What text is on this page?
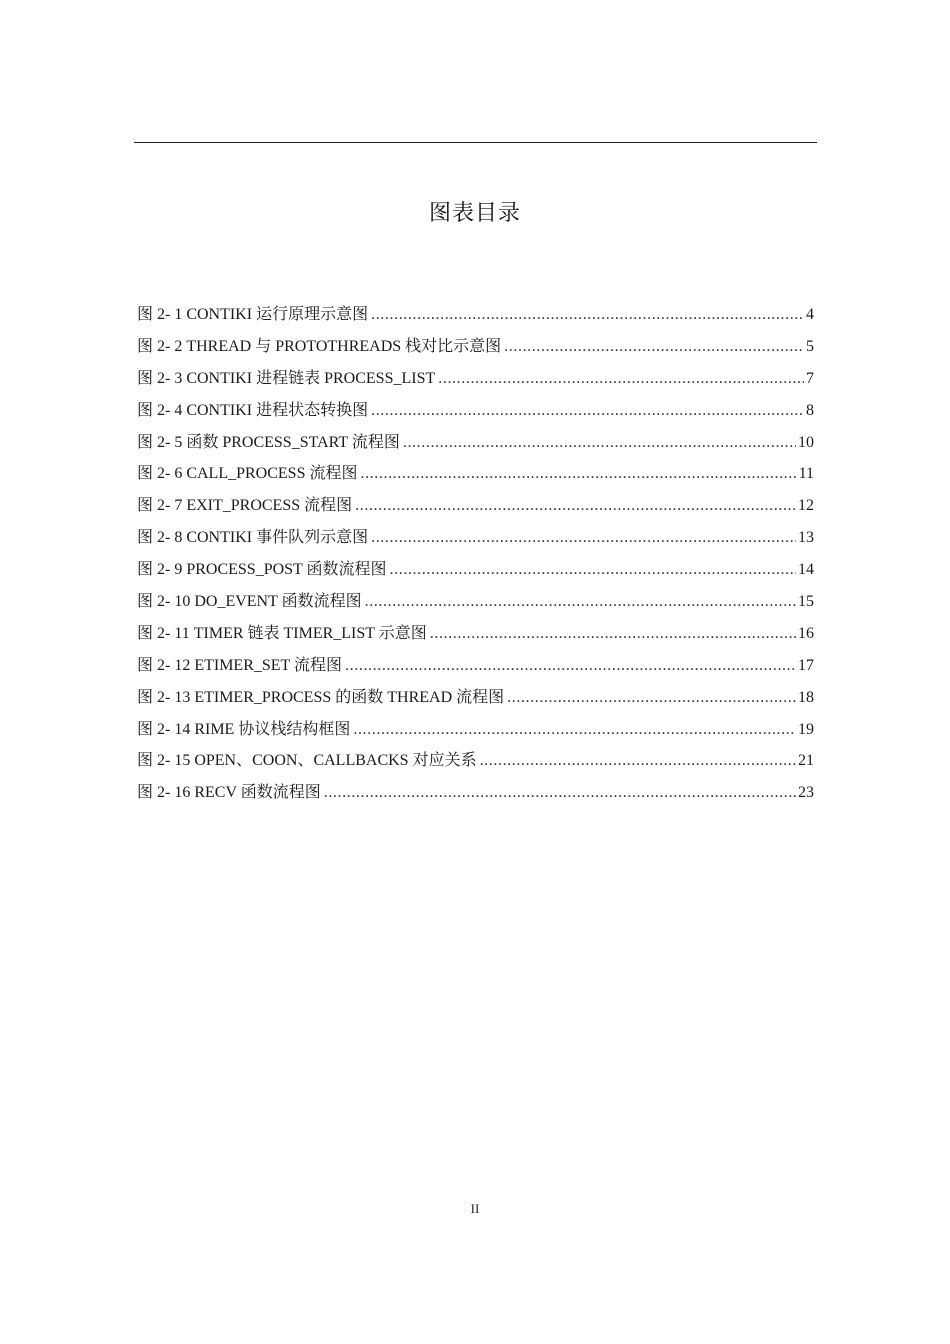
图表目录
图 2- 1 CONTIKI 运行原理示意图 .....	4
图 2- 2 THREAD 与 PROTOTHREADS 栈对比示意图 .....	5
图 2- 3 CONTIKI 进程链表 PROCESS_LIST .....	7
图 2- 4 CONTIKI 进程状态转换图 .....	8
图 2- 5 函数 PROCESS_START 流程图 .....	10
图 2- 6 CALL_PROCESS 流程图 .....	11
图 2- 7 EXIT_PROCESS 流程图 .....	12
图 2- 8 CONTIKI 事件队列示意图 .....	13
图 2- 9 PROCESS_POST 函数流程图 .....	14
图 2- 10 DO_EVENT 函数流程图 .....	15
图 2- 11 TIMER 链表 TIMER_LIST 示意图 .....	16
图 2- 12 ETIMER_SET 流程图 .....	17
图 2- 13 ETIMER_PROCESS 的函数 THREAD 流程图 .....	18
图 2- 14 RIME 协议栈结构框图 .....	19
图 2- 15 OPEN、COON、CALLBACKS 对应关系 .....	21
图 2- 16 RECV 函数流程图 .....	23
II
